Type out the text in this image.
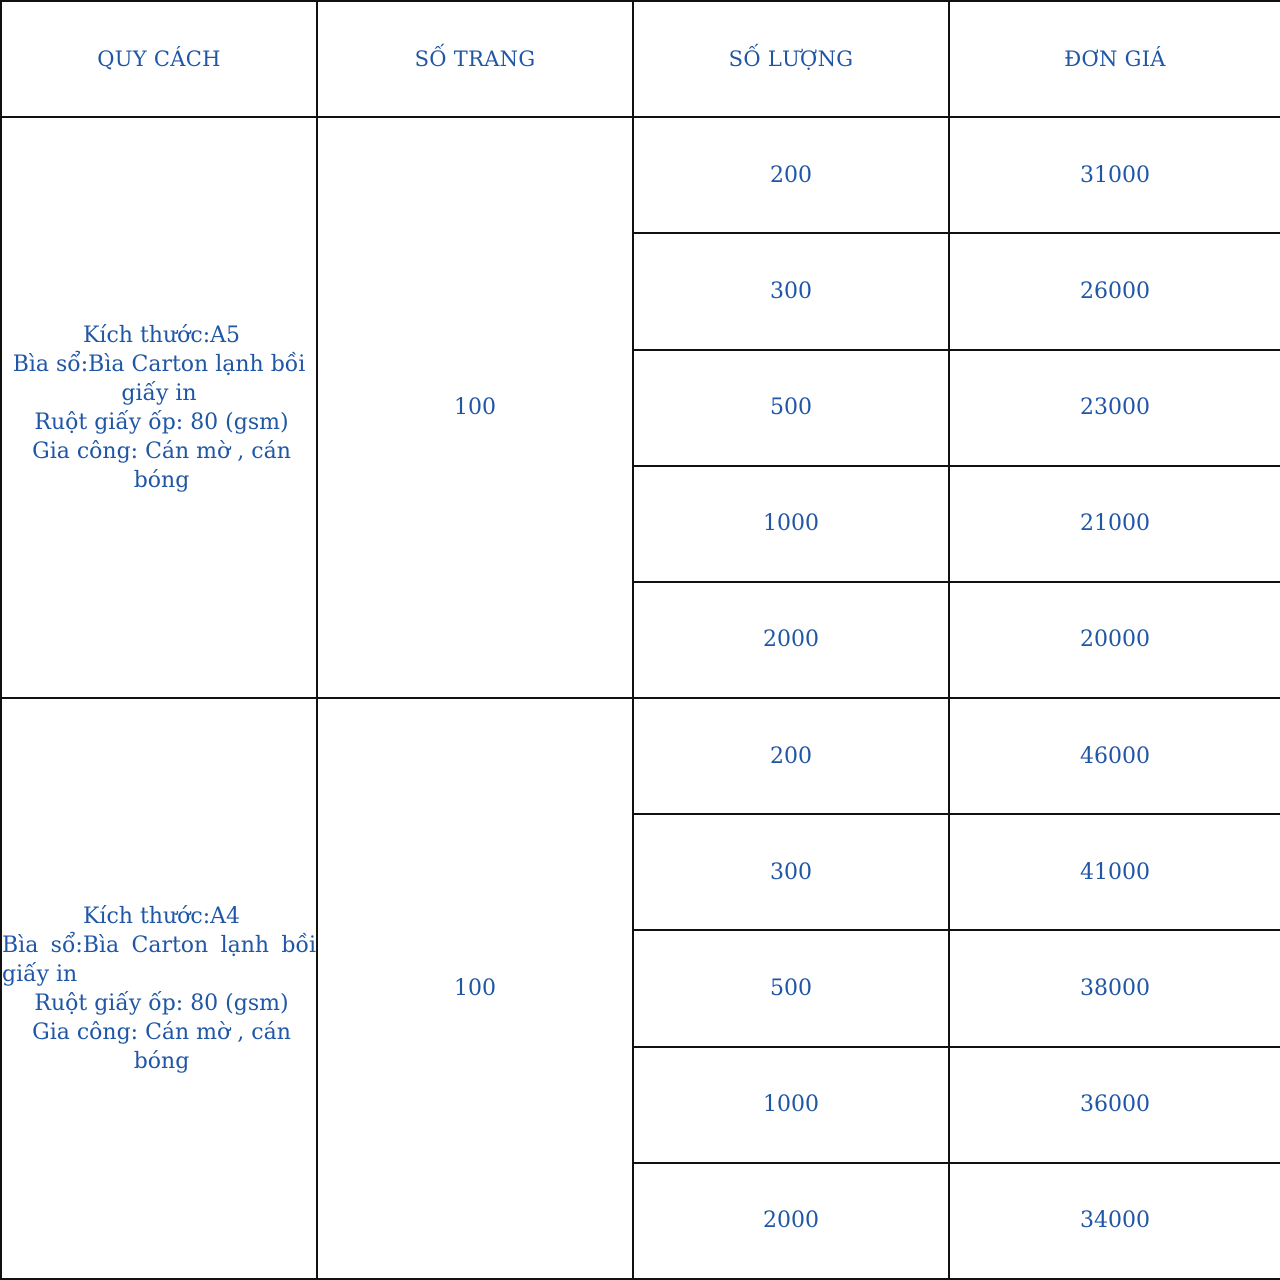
QUY CÁCH	SỐ TRANG	SỐ LƯỢNG	ĐƠN GIÁ

Kích thước:A5
Bìa sổ:Bìa Carton lạnh bồi giấy in
Ruột giấy ốp: 80 (gsm)
Gia công: Cán mờ , cán bóng	100	200	31000
		300	26000
		500	23000
		1000	21000
		2000	20000

Kích thước:A4
Bìa sổ:Bìa Carton lạnh bồi giấy in
Ruột giấy ốp: 80 (gsm)
Gia công: Cán mờ , cán bóng	100	200	46000
		300	41000
		500	38000
		1000	36000
		2000	34000
